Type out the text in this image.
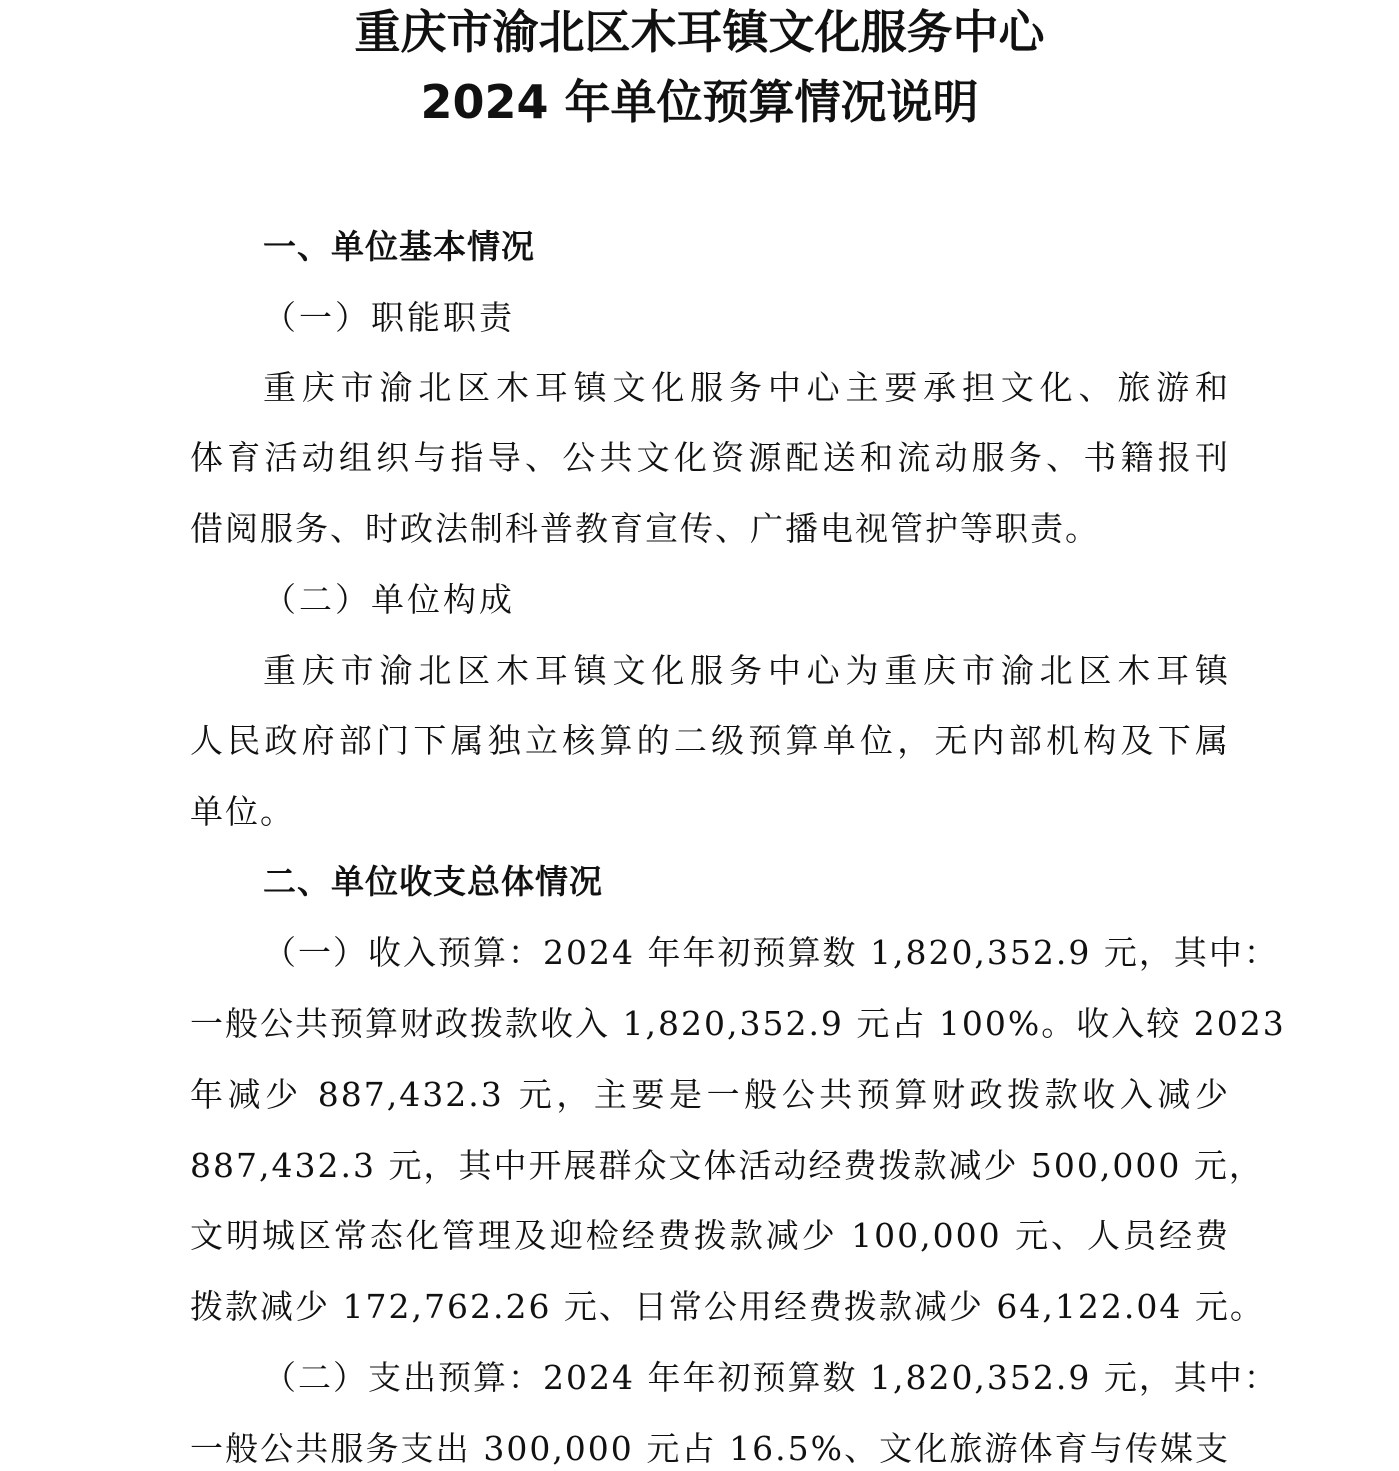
重庆市渝北区木耳镇文化服务中心
2024 年单位预算情况说明

一、单位基本情况

（一）职能职责

重庆市渝北区木耳镇文化服务中心主要承担文化、旅游和

体育活动组织与指导、公共文化资源配送和流动服务、书籍报刊

借阅服务、时政法制科普教育宣传、广播电视管护等职责。

（二）单位构成

重庆市渝北区木耳镇文化服务中心为重庆市渝北区木耳镇

人民政府部门下属独立核算的二级预算单位，无内部机构及下属

单位。

二、单位收支总体情况

（一）收入预算： 2024 年年初预算数 1,820,352.9 元，其中：

一般公共预算财政拨款收入 1,820,352.9 元占 100%。收入较 2023

年减少 887,432.3 元，主要是一般公共预算财政拨款收入减少

887,432.3 元，其中开展群众文体活动经费拨款减少 500,000 元，

文明城区常态化管理及迎检经费拨款减少 100,000 元、人员经费

拨款减少 172,762.26 元、日常公用经费拨款减少 64,122.04 元。

（二）支出预算： 2024 年年初预算数 1,820,352.9 元，其中：

一般公共服务支出 300,000 元占 16.5%、文化旅游体育与传媒支
